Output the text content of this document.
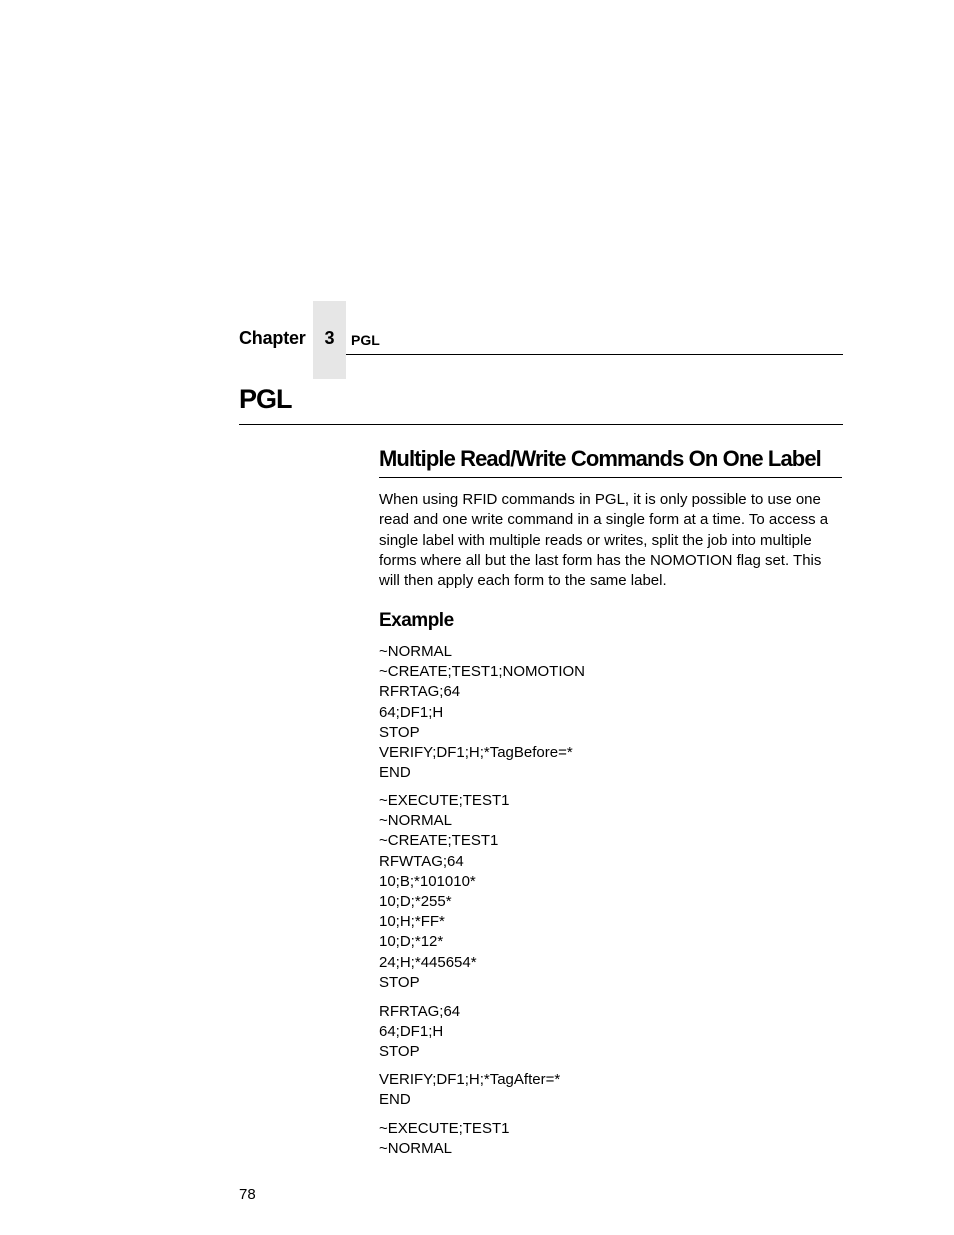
Chapter	3	PGL
PGL
Multiple Read/Write Commands On One Label

When using RFID commands in PGL, it is only possible to use one read and one write command in a single form at a time. To access a single label with multiple reads or writes, split the job into multiple forms where all but the last form has the NOMOTION flag set. This will then apply each form to the same label.

Example
~NORMAL
~CREATE;TEST1;NOMOTION
RFRTAG;64
64;DF1;H
STOP
VERIFY;DF1;H;*TagBefore=*
END
~EXECUTE;TEST1
~NORMAL
~CREATE;TEST1
RFWTAG;64
10;B;*101010*
10;D;*255*
10;H;*FF*
10;D;*12*
24;H;*445654*
STOP
RFRTAG;64
64;DF1;H
STOP
VERIFY;DF1;H;*TagAfter=*
END
~EXECUTE;TEST1
~NORMAL
78
